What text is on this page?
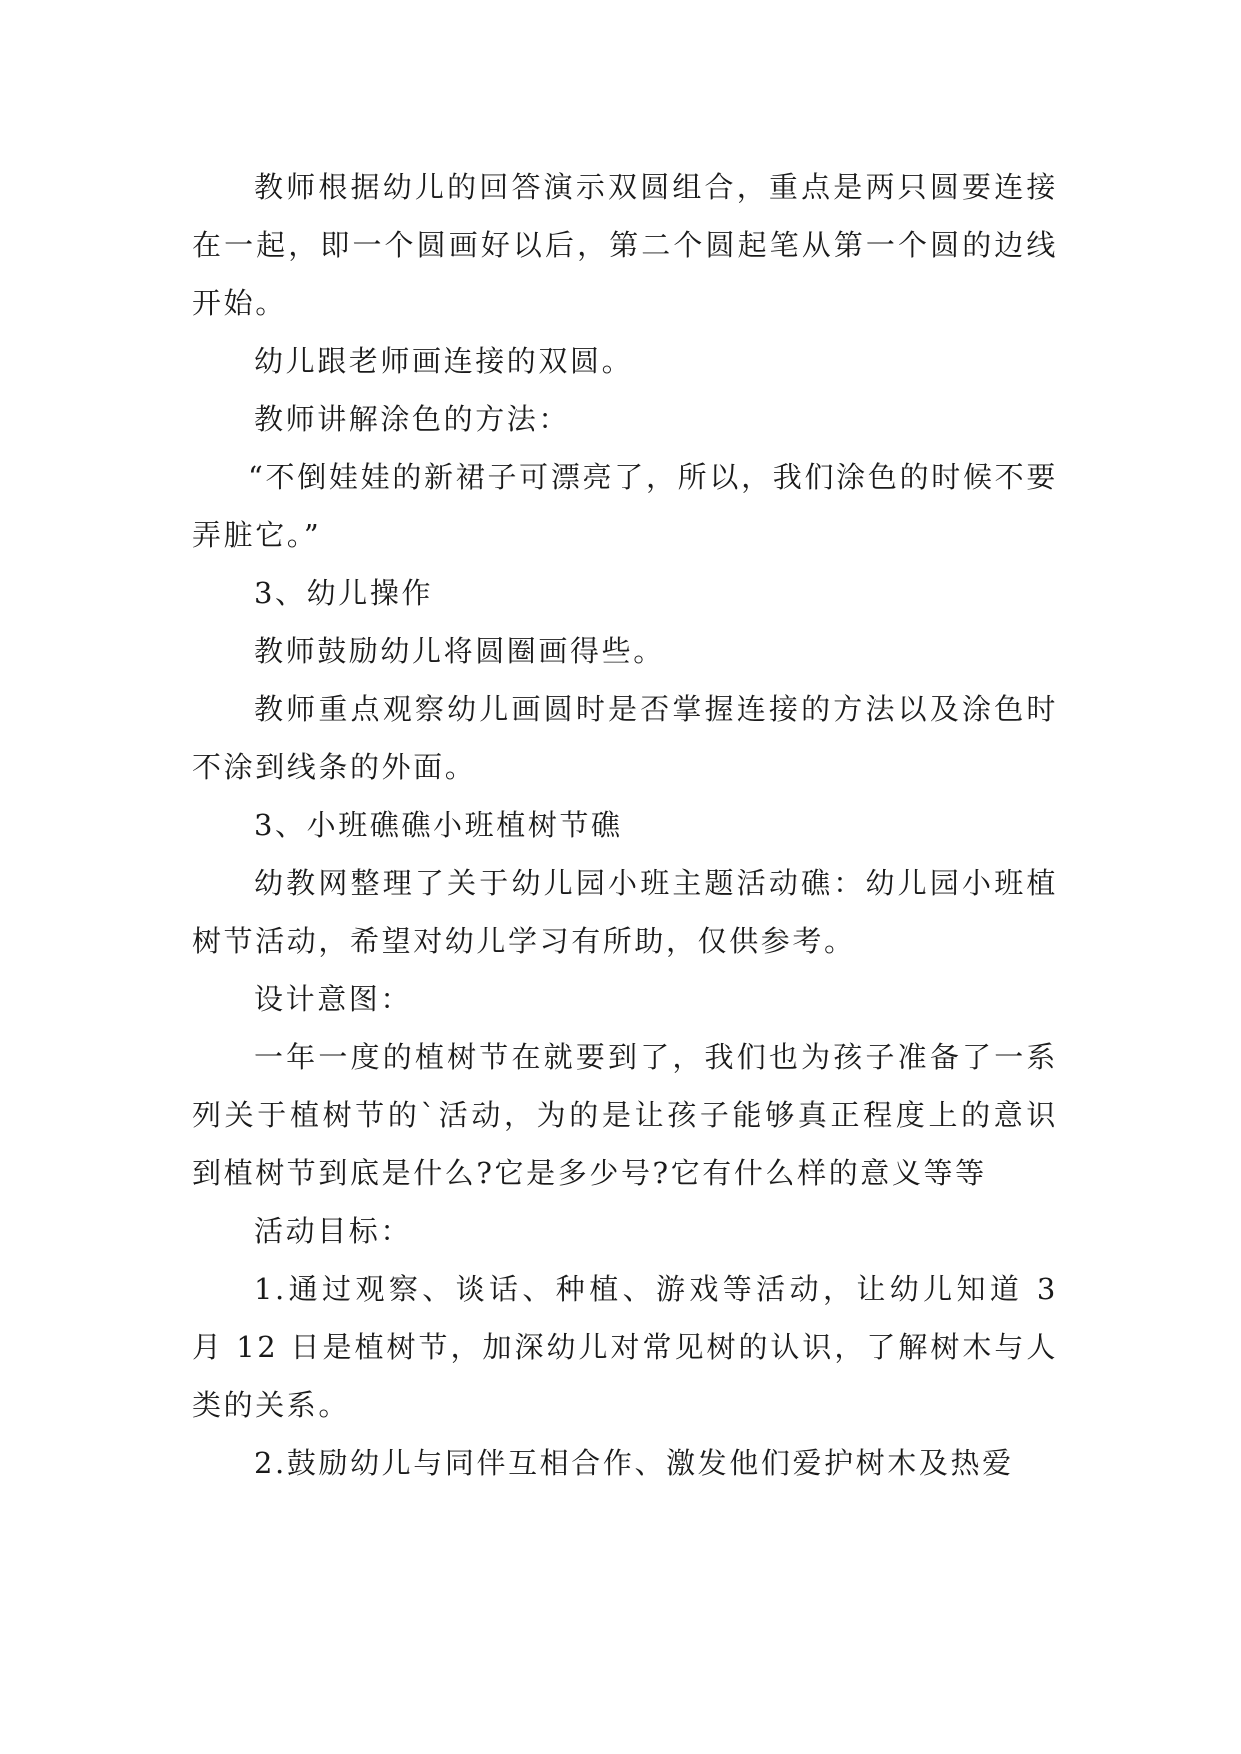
教师根据幼儿的回答演示双圆组合，重点是两只圆要连接在一起，即一个圆画好以后，第二个圆起笔从第一个圆的边线开始。

幼儿跟老师画连接的双圆。

教师讲解涂色的方法：

“不倒娃娃的新裙子可漂亮了，所以，我们涂色的时候不要弄脏它。”

3、幼儿操作

教师鼓励幼儿将圆圈画得些。

教师重点观察幼儿画圆时是否掌握连接的方法以及涂色时不涂到线条的外面。

3、小班礁礁小班植树节礁

幼教网整理了关于幼儿园小班主题活动礁：幼儿园小班植树节活动，希望对幼儿学习有所助，仅供参考。

设计意图：

一年一度的植树节在就要到了，我们也为孩子准备了一系列关于植树节的`活动，为的是让孩子能够真正程度上的意识到植树节到底是什么?它是多少号?它有什么样的意义等等

活动目标：

1.通过观察、谈话、种植、游戏等活动，让幼儿知道 3 月 12 日是植树节，加深幼儿对常见树的认识，了解树木与人类的关系。

2.鼓励幼儿与同伴互相合作、激发他们爱护树木及热爱
